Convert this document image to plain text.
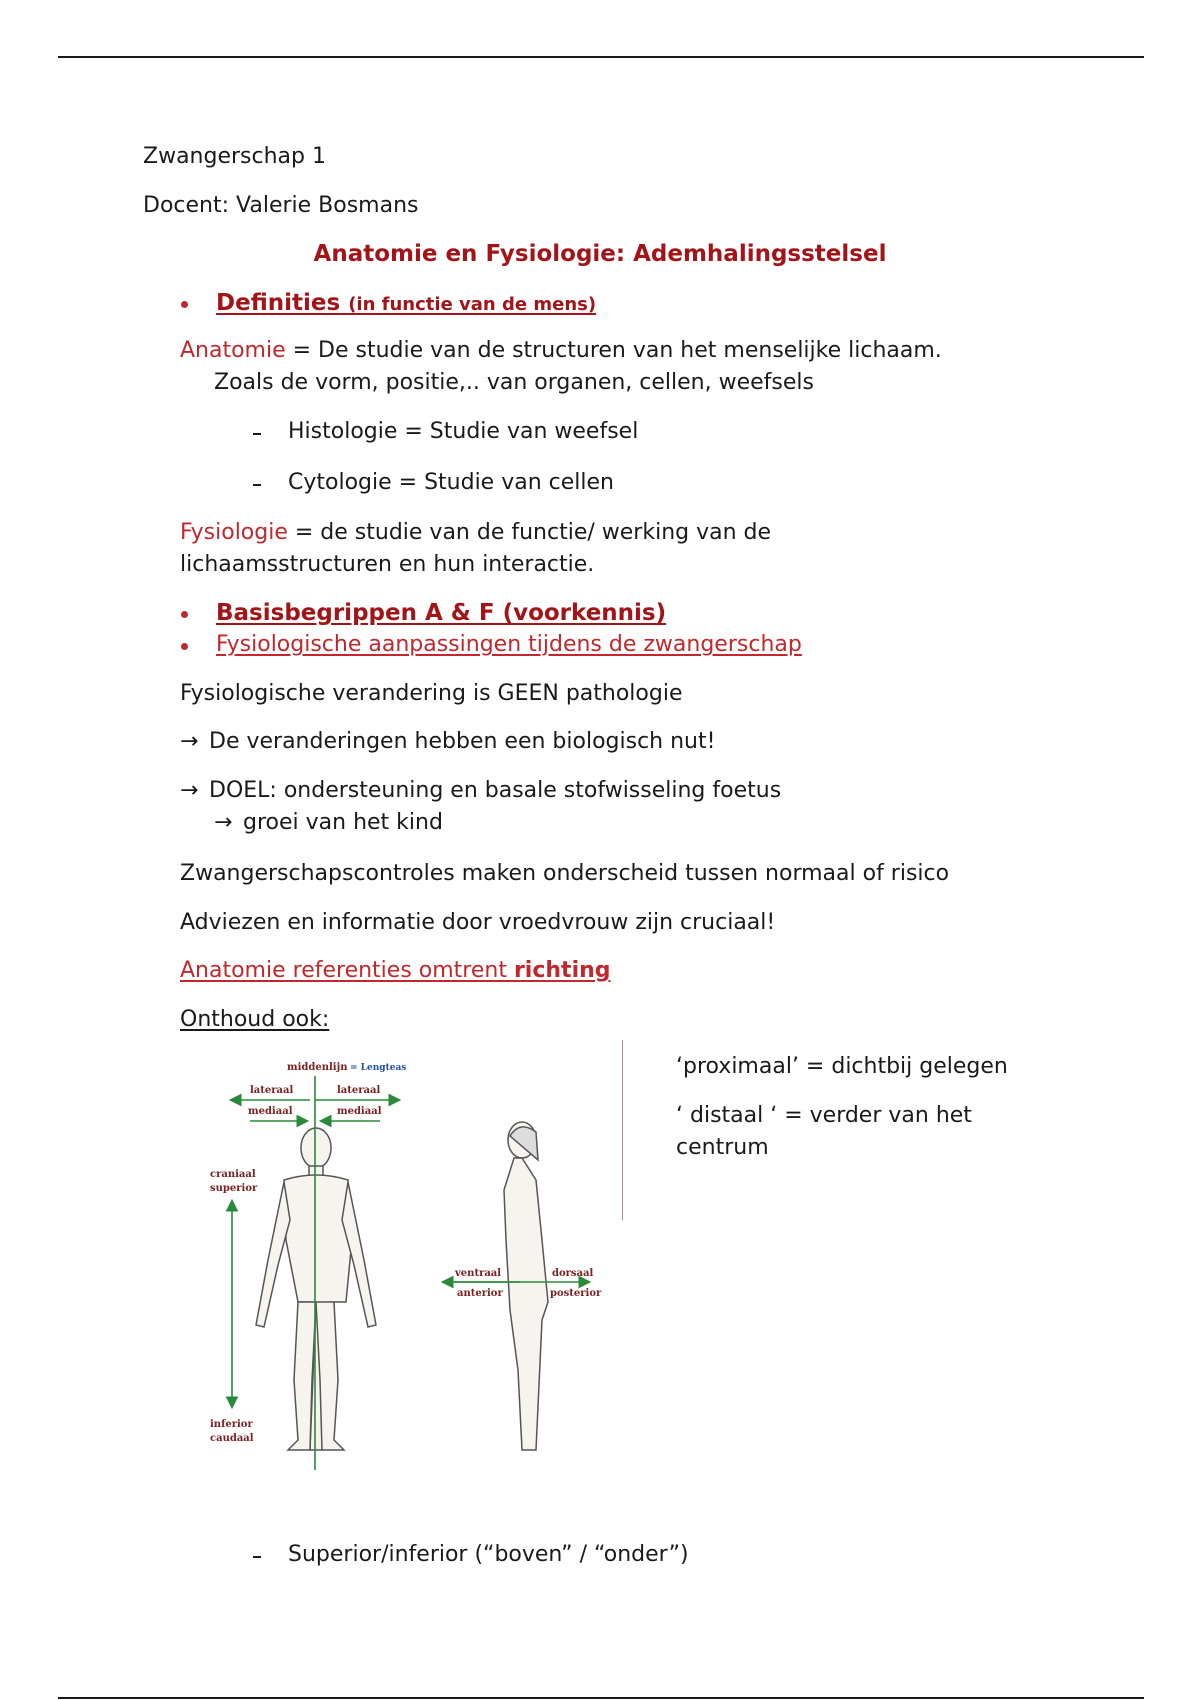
Zwangerschap 1
Docent: Valerie Bosmans
Anatomie en Fysiologie: Ademhalingsstelsel
Definities (in functie van de mens)
Anatomie = De studie van de structuren van het menselijke lichaam.
Zoals de vorm, positie,.. van organen, cellen, weefsels
Histologie = Studie van weefsel
Cytologie = Studie van cellen
Fysiologie = de studie van de functie/ werking van de
lichaamsstructuren en hun interactie.
Basisbegrippen A & F (voorkennis)
Fysiologische aanpassingen tijdens de zwangerschap
Fysiologische verandering is GEEN pathologie
→ De veranderingen hebben een biologisch nut!
→ DOEL: ondersteuning en basale stofwisseling foetus
→ groei van het kind
Zwangerschapscontroles maken onderscheid tussen normaal of risico
Adviezen en informatie door vroedvrouw zijn cruciaal!
Anatomie referenties omtrent richting
Onthoud ook:
middenlijn = Lengteas
lateraal	lateraal
mediaal	mediaal
craniaal
superior
inferior
caudaal
ventraal
anterior
dorsaal
posterior
‘proximaal’ = dichtbij gelegen
‘ distaal ‘ = verder van het
centrum
Superior/inferior (“boven” / “onder”)
